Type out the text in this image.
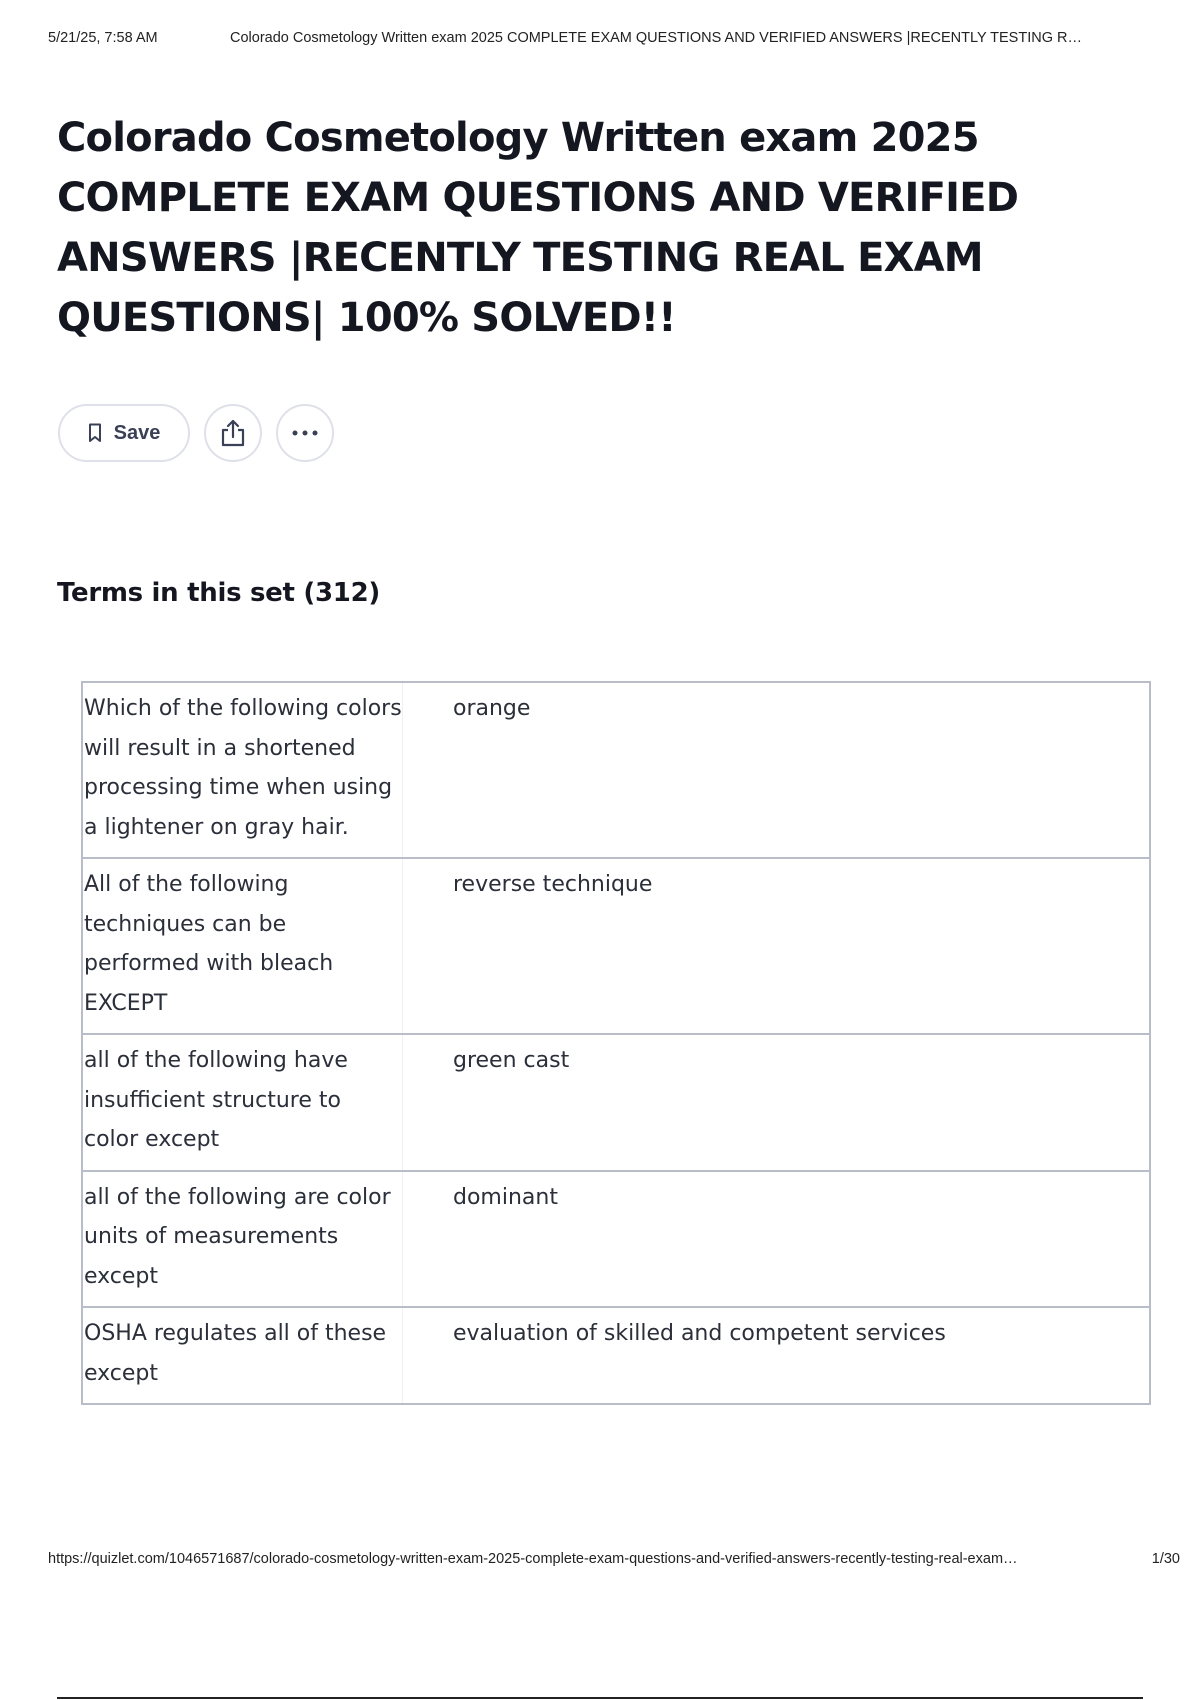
5/21/25, 7:58 AM	Colorado Cosmetology Written exam 2025 COMPLETE EXAM QUESTIONS AND VERIFIED ANSWERS |RECENTLY TESTING R…
Colorado Cosmetology Written exam 2025 COMPLETE EXAM QUESTIONS AND VERIFIED ANSWERS |RECENTLY TESTING REAL EXAM QUESTIONS| 100% SOLVED!!
Save
Terms in this set (312)
Which of the following colors will result in a shortened processing time when using a lightener on gray hair.
orange
All of the following techniques can be performed with bleach EXCEPT
reverse technique
all of the following have insufficient structure to color except
green cast
all of the following are color units of measurements except
dominant
OSHA regulates all of these except
evaluation of skilled and competent services
https://quizlet.com/1046571687/colorado-cosmetology-written-exam-2025-complete-exam-questions-and-verified-answers-recently-testing-real-exam…	1/30
